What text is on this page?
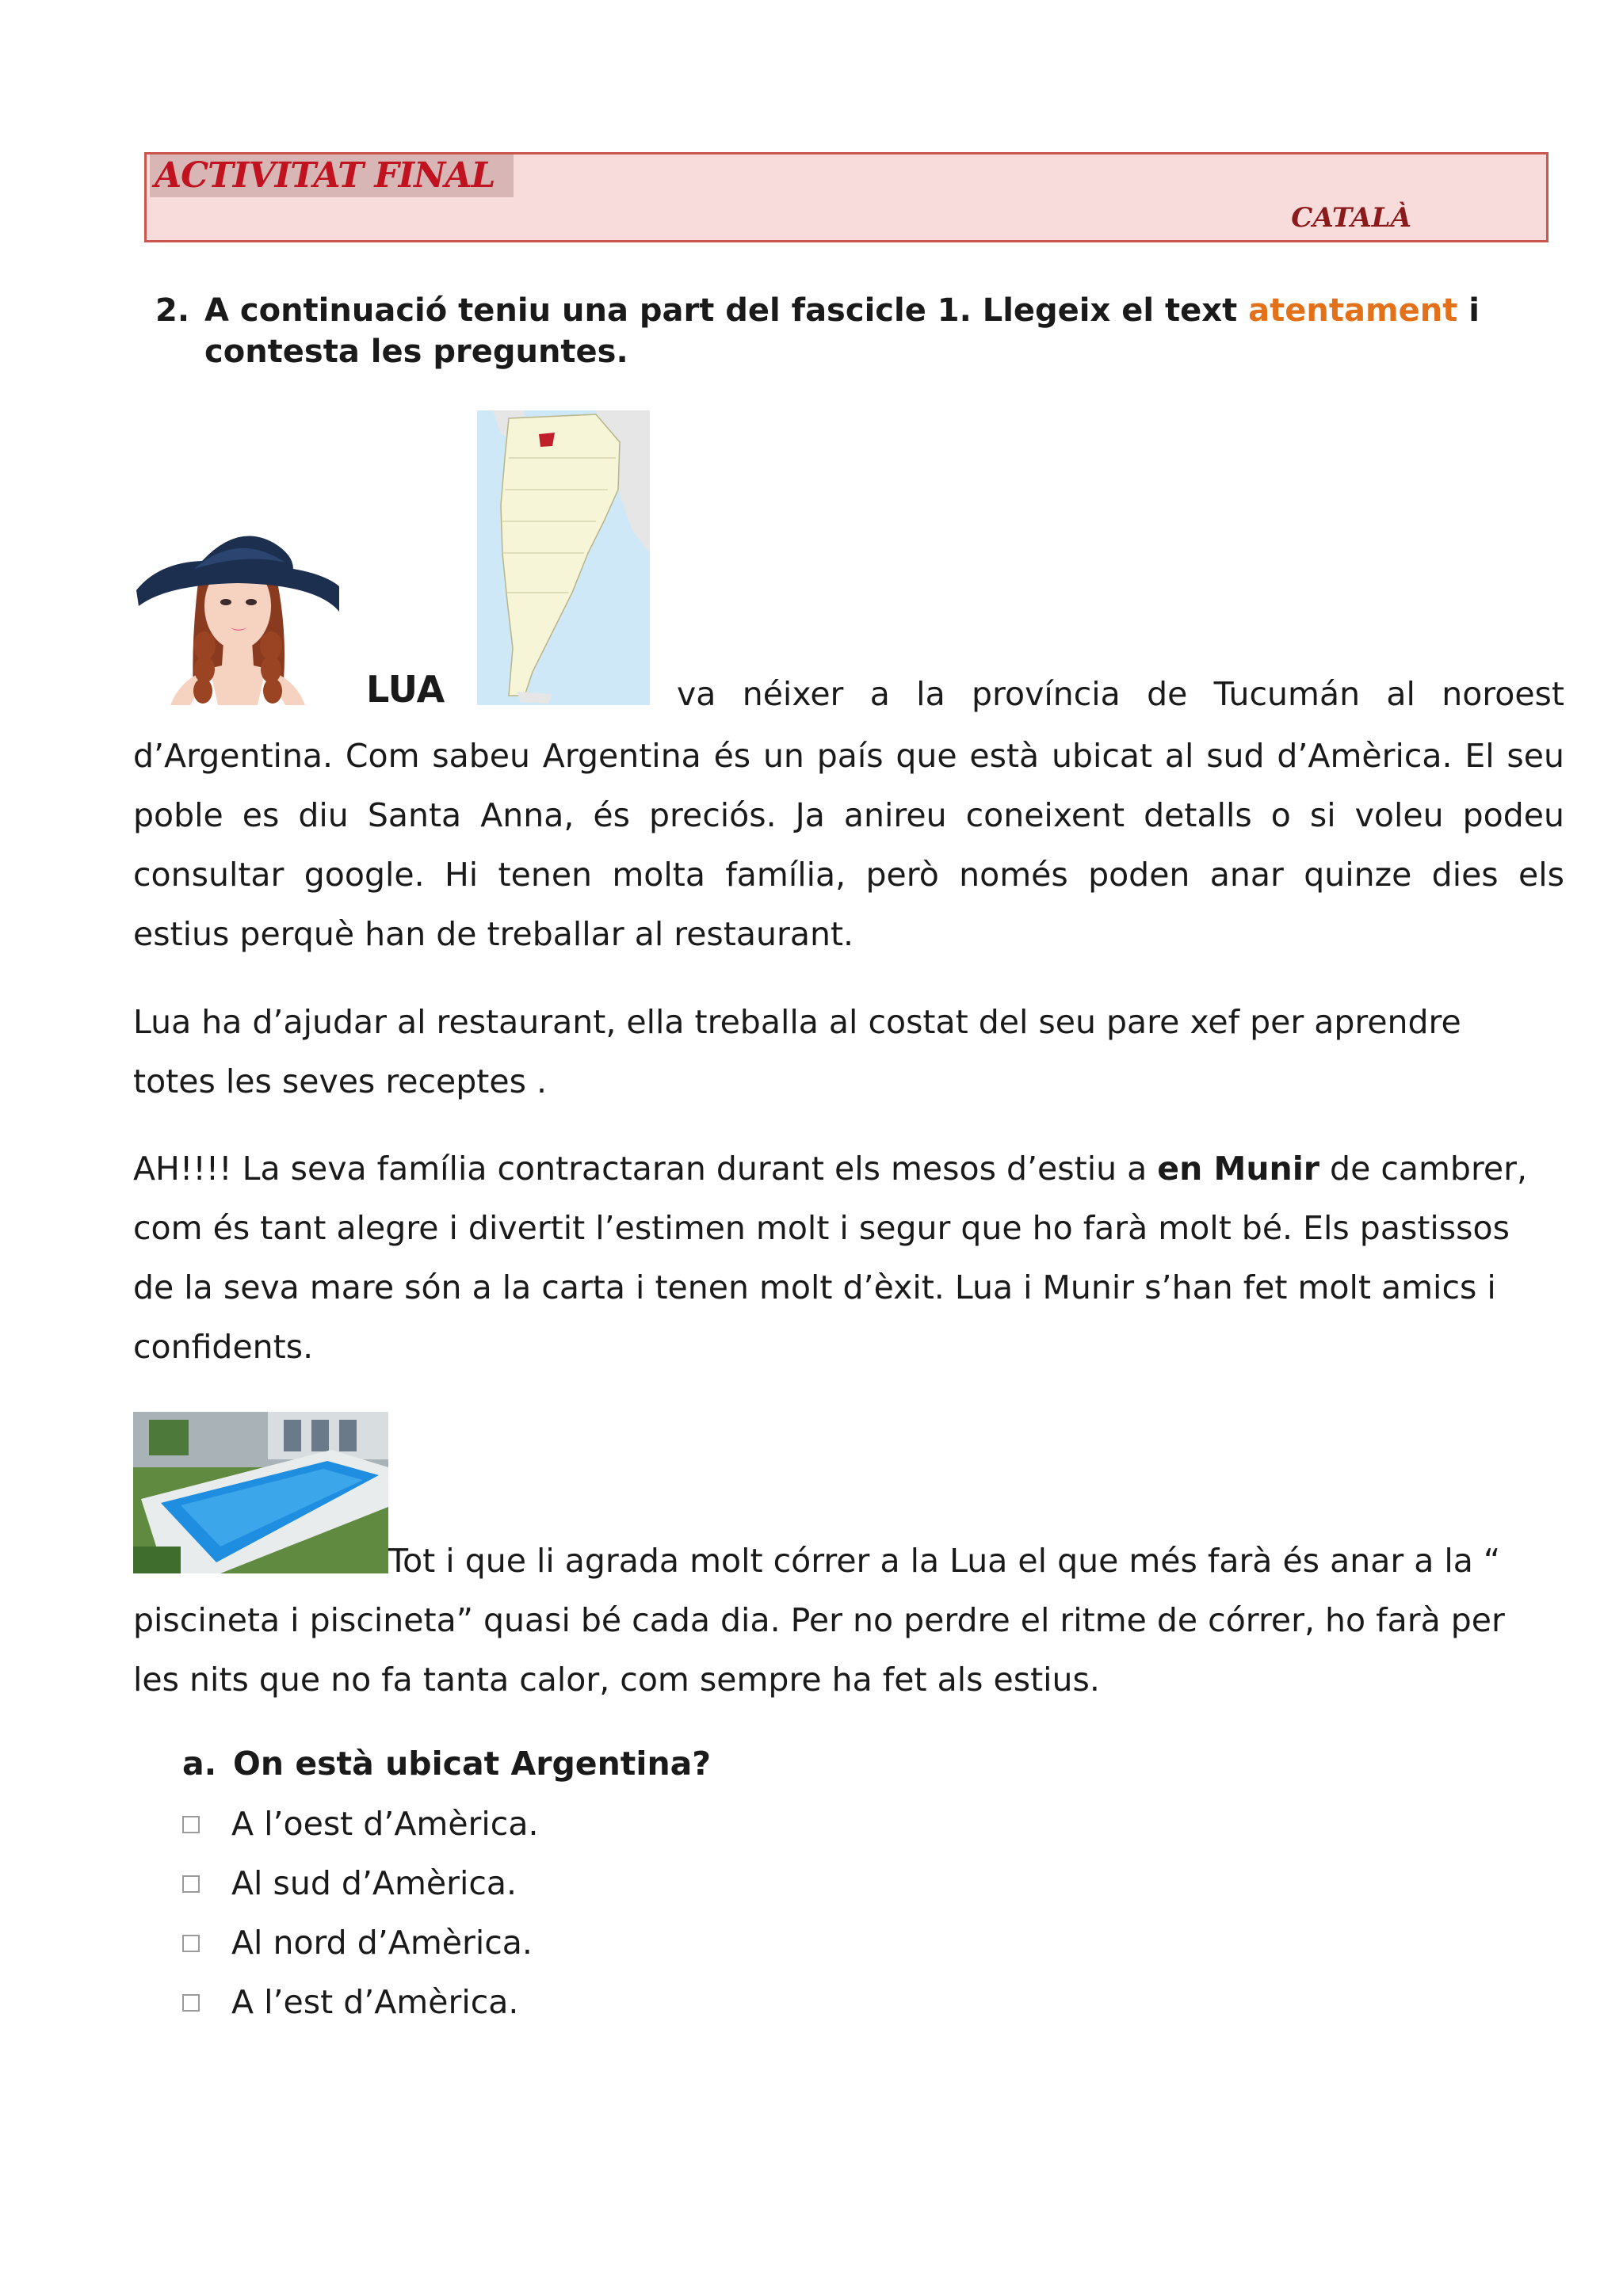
ACTIVITAT FINAL
CATALÀ
2. A continuació teniu una part del fascicle 1. Llegeix el text atentament i contesta les preguntes.
LUA	va néixer a la província de Tucumán al noroest
d’Argentina. Com sabeu Argentina és un país que està ubicat al sud d’Amèrica. El seu
poble es diu Santa Anna, és preciós. Ja anireu coneixent detalls o si voleu podeu
consultar google. Hi tenen molta família, però només poden anar quinze dies els
estius perquè han de treballar al restaurant.
Lua ha d’ajudar al restaurant, ella treballa al costat del seu pare xef per aprendre
totes les seves receptes .
AH!!!! La seva família contractaran durant els mesos d’estiu a en Munir de cambrer,
com és tant alegre i divertit l’estimen molt i segur que ho farà molt bé. Els pastissos
de la seva mare són a la carta i tenen molt d’èxit. Lua i Munir s’han fet molt amics i
confidents.
Tot i que li agrada molt córrer a la Lua el que més farà és anar a la “
piscineta i piscineta” quasi bé cada dia. Per no perdre el ritme de córrer, ho farà per
les nits que no fa tanta calor, com sempre ha fet als estius.
a. On està ubicat Argentina?
A l’oest d’Amèrica.
Al sud d’Amèrica.
Al nord d’Amèrica.
A l’est d’Amèrica.
